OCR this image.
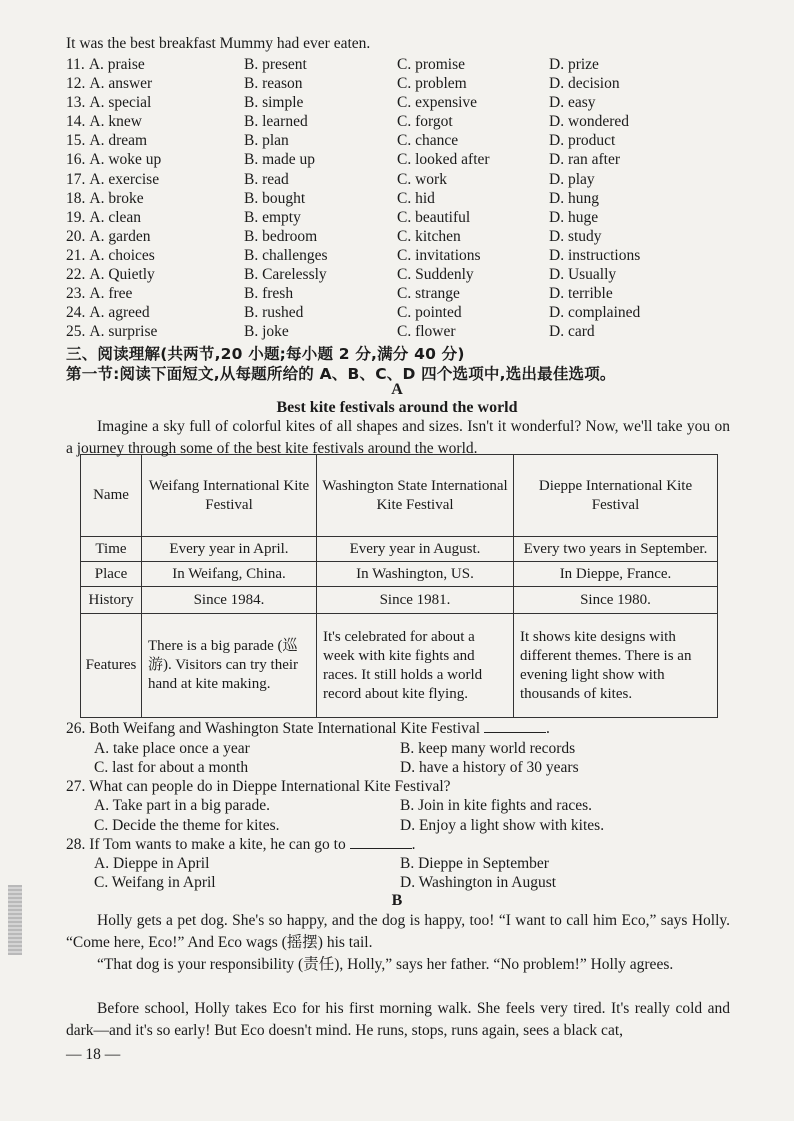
It was the best breakfast Mummy had ever eaten.
11. A. praise	B. present	C. promise	D. prize
12. A. answer	B. reason	C. problem	D. decision
13. A. special	B. simple	C. expensive	D. easy
14. A. knew	B. learned	C. forgot	D. wondered
15. A. dream	B. plan	C. chance	D. product
16. A. woke up	B. made up	C. looked after	D. ran after
17. A. exercise	B. read	C. work	D. play
18. A. broke	B. bought	C. hid	D. hung
19. A. clean	B. empty	C. beautiful	D. huge
20. A. garden	B. bedroom	C. kitchen	D. study
21. A. choices	B. challenges	C. invitations	D. instructions
22. A. Quietly	B. Carelessly	C. Suddenly	D. Usually
23. A. free	B. fresh	C. strange	D. terrible
24. A. agreed	B. rushed	C. pointed	D. complained
25. A. surprise	B. joke	C. flower	D. card
三、阅读理解(共两节,20 小题;每小题 2 分,满分 40 分)
第一节:阅读下面短文,从每题所给的 A、B、C、D 四个选项中,选出最佳选项。
A
Best kite festivals around the world
Imagine a sky full of colorful kites of all shapes and sizes. Isn't it wonderful? Now, we'll take you on a journey through some of the best kite festivals around the world.
Name	Weifang International Kite Festival	Washington State International Kite Festival	Dieppe International Kite Festival
Time	Every year in April.	Every year in August.	Every two years in September.
Place	In Weifang, China.	In Washington, US.	In Dieppe, France.
History	Since 1984.	Since 1981.	Since 1980.
Features	There is a big parade (巡游). Visitors can try their hand at kite making.	It's celebrated for about a week with kite fights and races. It still holds a world record about kite flying.	It shows kite designs with different themes. There is an evening light show with thousands of kites.
26. Both Weifang and Washington State International Kite Festival	.
A. take place once a year	B. keep many world records
C. last for about a month	D. have a history of 30 years
27. What can people do in Dieppe International Kite Festival?
A. Take part in a big parade.	B. Join in kite fights and races.
C. Decide the theme for kites.	D. Enjoy a light show with kites.
28. If Tom wants to make a kite, he can go to	.
A. Dieppe in April	B. Dieppe in September
C. Weifang in April	D. Washington in August
B
Holly gets a pet dog. She's so happy, and the dog is happy, too! “I want to call him Eco,” says Holly. “Come here, Eco!” And Eco wags (摇摆) his tail.
“That dog is your responsibility (责任), Holly,” says her father. “No problem!” Holly agrees.
Before school, Holly takes Eco for his first morning walk. She feels very tired. It's really cold and dark—and it's so early! But Eco doesn't mind. He runs, stops, runs again, sees a black cat,
— 18 —
